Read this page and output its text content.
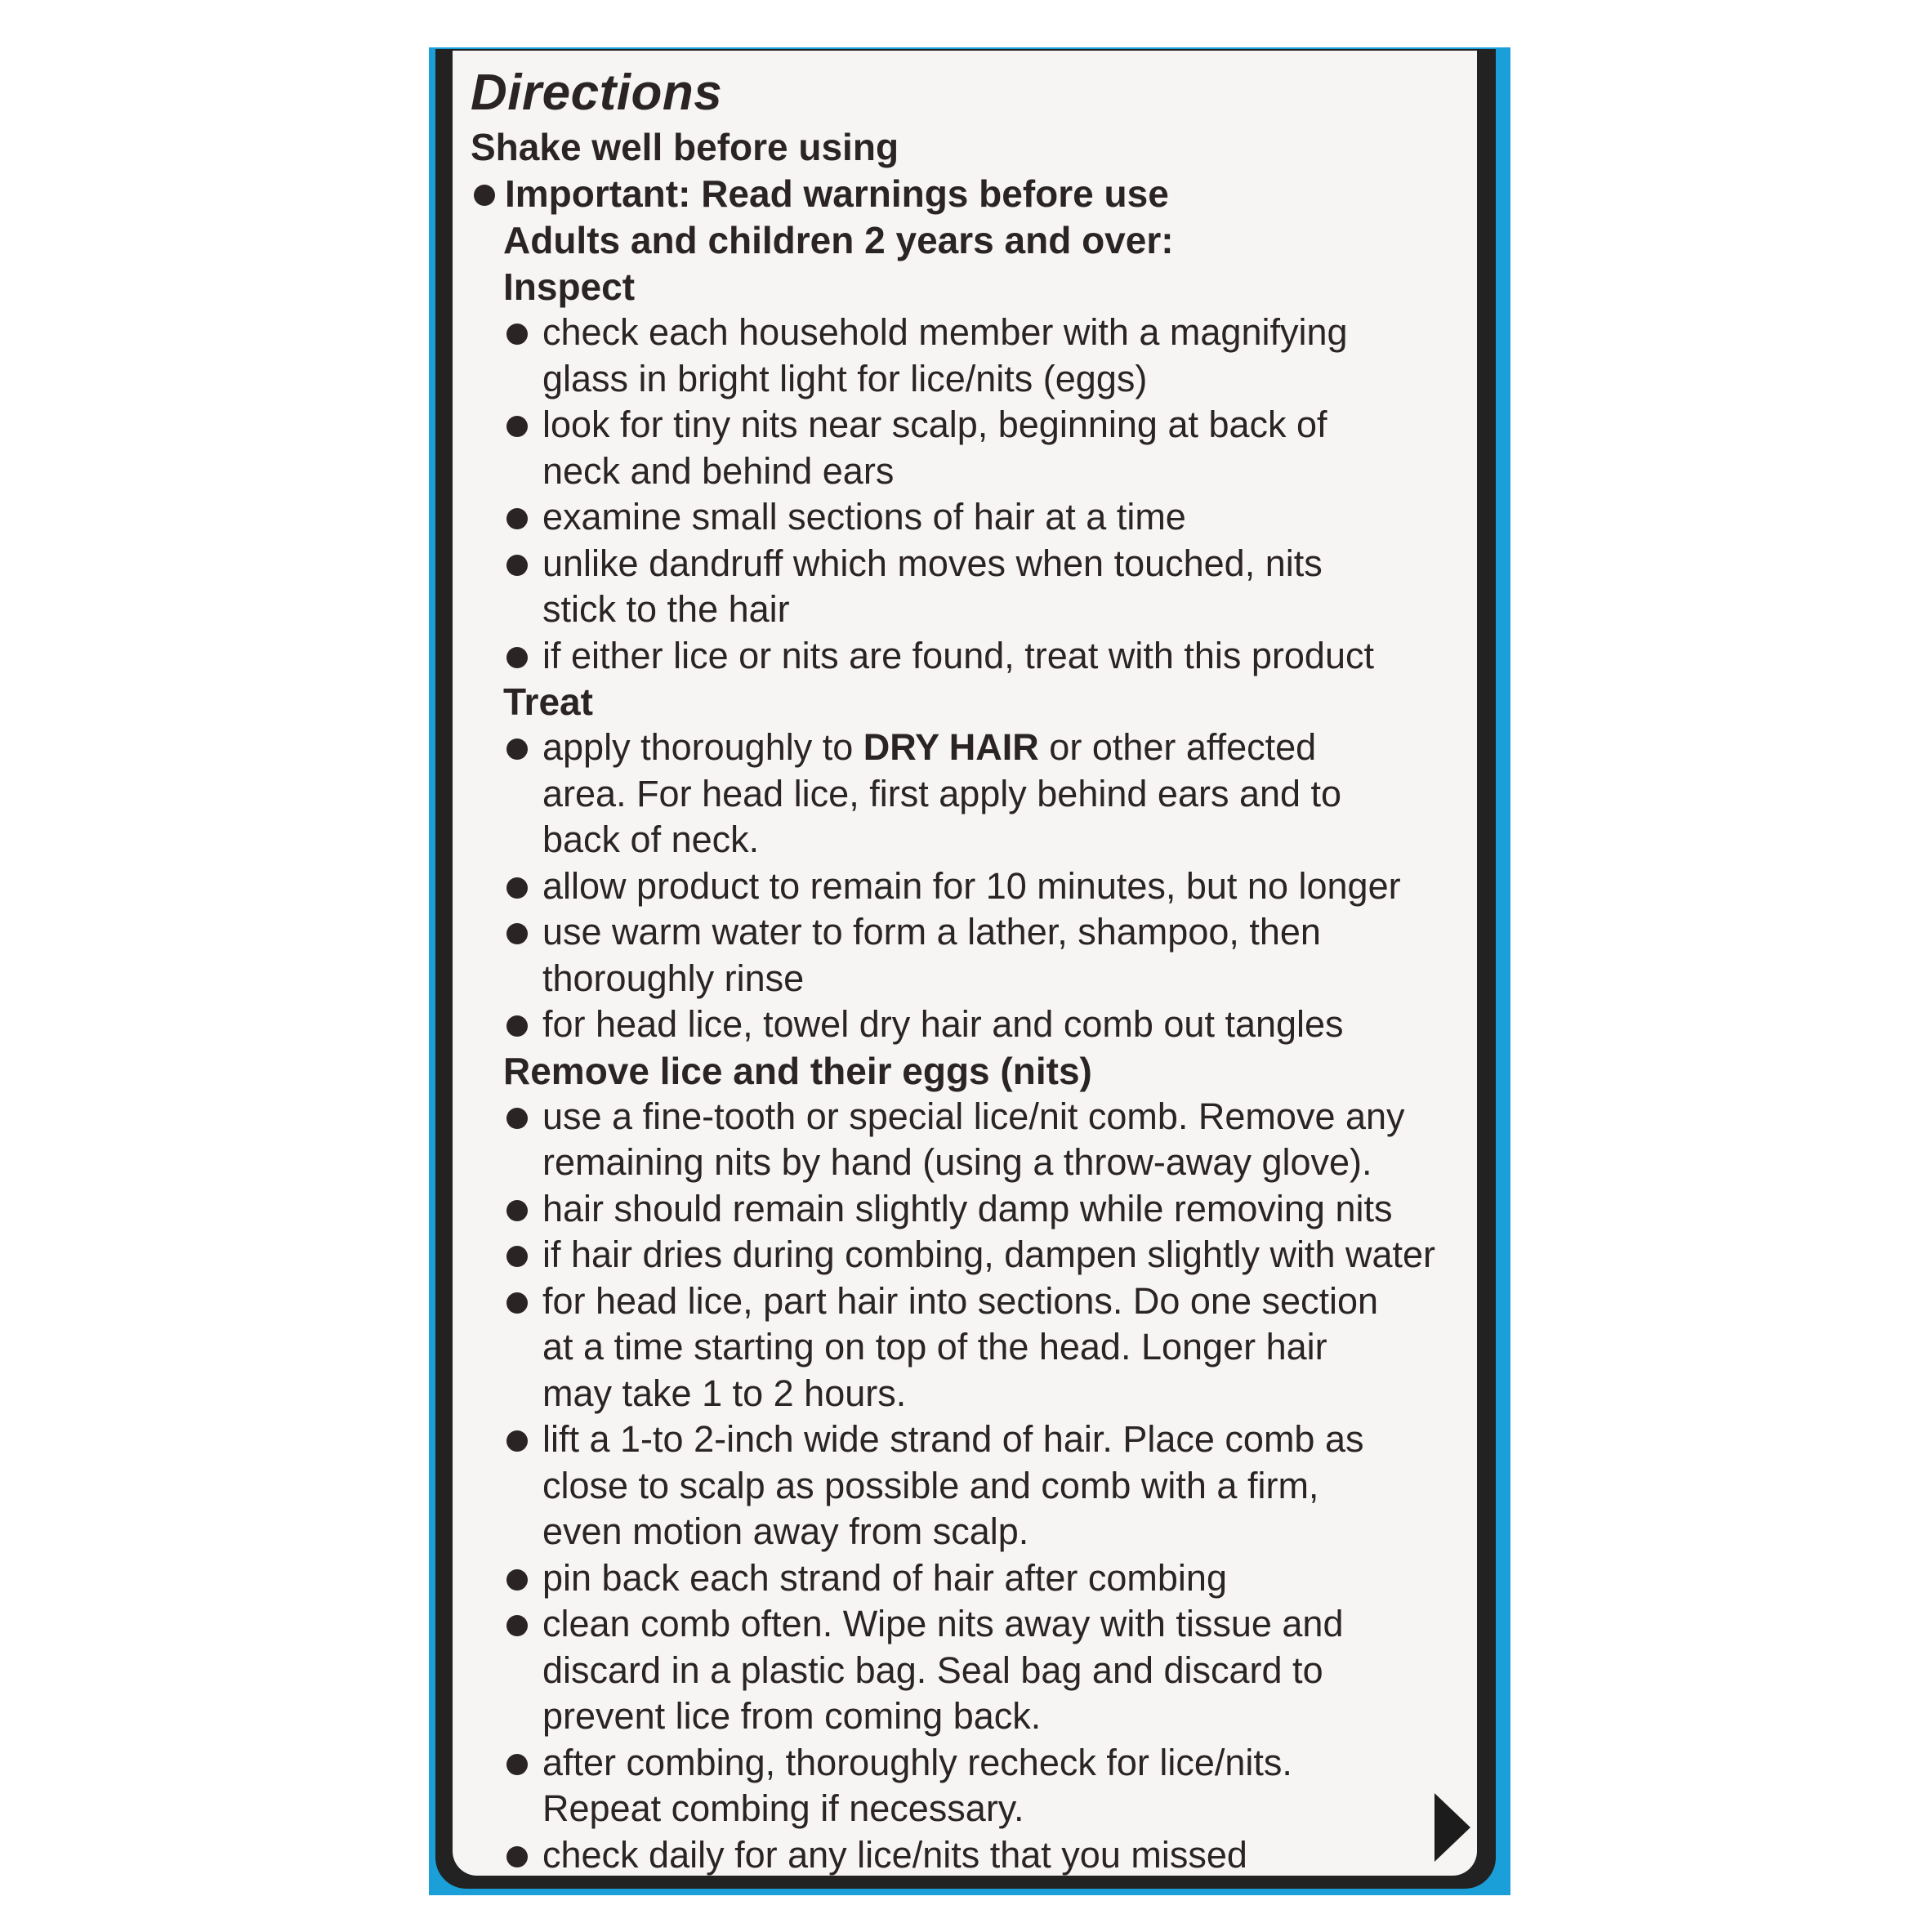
Directions

Shake well before using

Important: Read warnings before use

Adults and children 2 years and over:

Inspect

check each household member with a magnifying
glass in bright light for lice/nits (eggs)
look for tiny nits near scalp, beginning at back of
neck and behind ears
examine small sections of hair at a time
unlike dandruff which moves when touched, nits
stick to the hair
if either lice or nits are found, treat with this product

Treat

apply thoroughly to DRY HAIR or other affected
area. For head lice, first apply behind ears and to
back of neck.
allow product to remain for 10 minutes, but no longer
use warm water to form a lather, shampoo, then
thoroughly rinse
for head lice, towel dry hair and comb out tangles

Remove lice and their eggs (nits)

use a fine-tooth or special lice/nit comb. Remove any
remaining nits by hand (using a throw-away glove).
hair should remain slightly damp while removing nits
if hair dries during combing, dampen slightly with water
for head lice, part hair into sections. Do one section
at a time starting on top of the head. Longer hair
may take 1 to 2 hours.
lift a 1-to 2-inch wide strand of hair. Place comb as
close to scalp as possible and comb with a firm,
even motion away from scalp.
pin back each strand of hair after combing
clean comb often. Wipe nits away with tissue and
discard in a plastic bag. Seal bag and discard to
prevent lice from coming back.
after combing, thoroughly recheck for lice/nits.
Repeat combing if necessary.
check daily for any lice/nits that you missed
